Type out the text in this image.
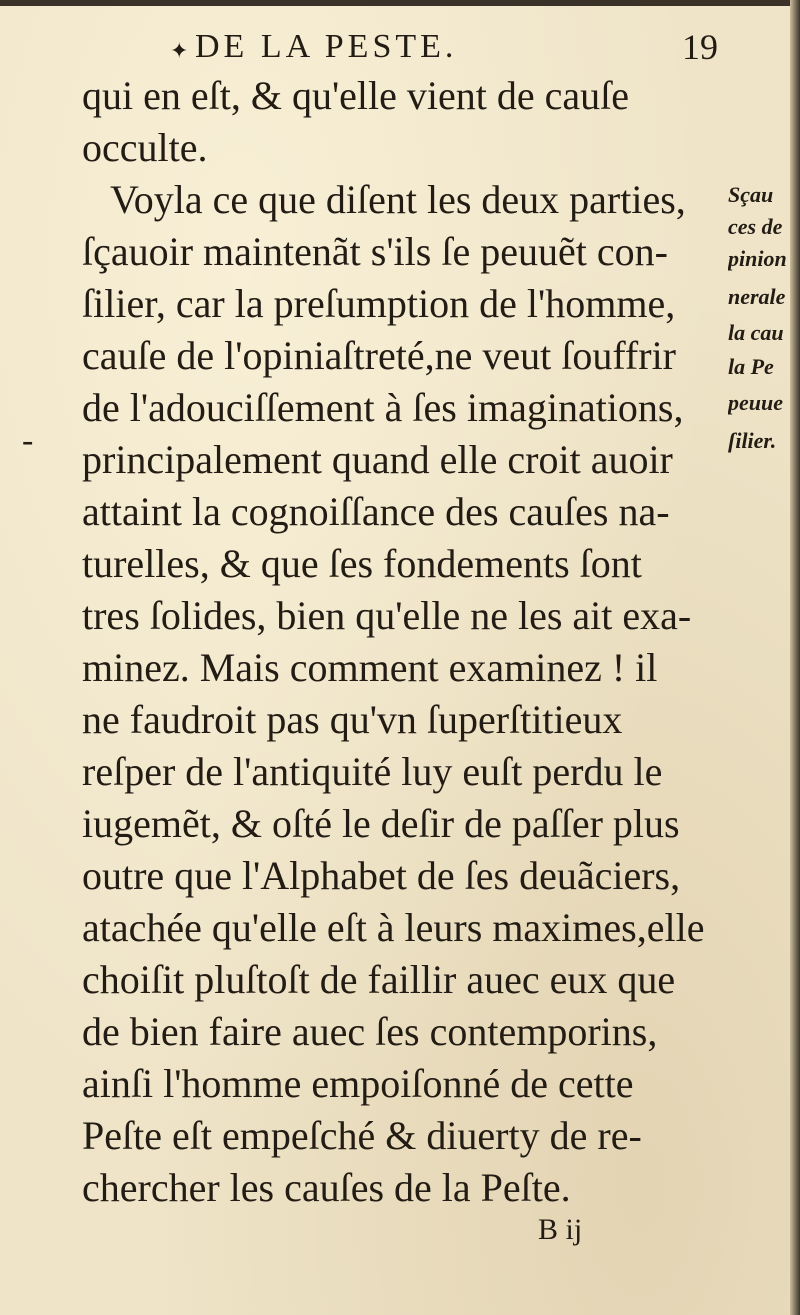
✦ DE LA PESTE.	19
qui en eſt, & qu'elle vient de cauſe
occulte.
Voyla ce que diſent les deux parties,
ſçauoir maintenãt s'ils ſe peuuẽt con-
ſilier, car la preſumption de l'homme,
cauſe de l'opiniaſtreté,ne veut ſouffrir
de l'adouciſſement à ſes imaginations,
principalement quand elle croit auoir
attaint la cognoiſſance des cauſes na-
turelles, & que ſes fondements ſont
tres ſolides, bien qu'elle ne les ait exa-
minez. Mais comment examinez ! il
ne faudroit pas qu'vn ſuperſtitieux
reſper de l'antiquité luy euſt perdu le
iugemẽt, & oſté le deſir de paſſer plus
outre que l'Alphabet de ſes deuãciers,
atachée qu'elle eſt à leurs maximes,elle
choiſit pluſtoſt de faillir auec eux que
de bien faire auec ſes contemporins,
ainſi l'homme empoiſonné de cette
Peſte eſt empeſché & diuerty de re-
chercher les cauſes de la Peſte.
Sçau
ces de
pinion
nerale
la cau
la Pe
peuue
ſilier.
-
B ij
